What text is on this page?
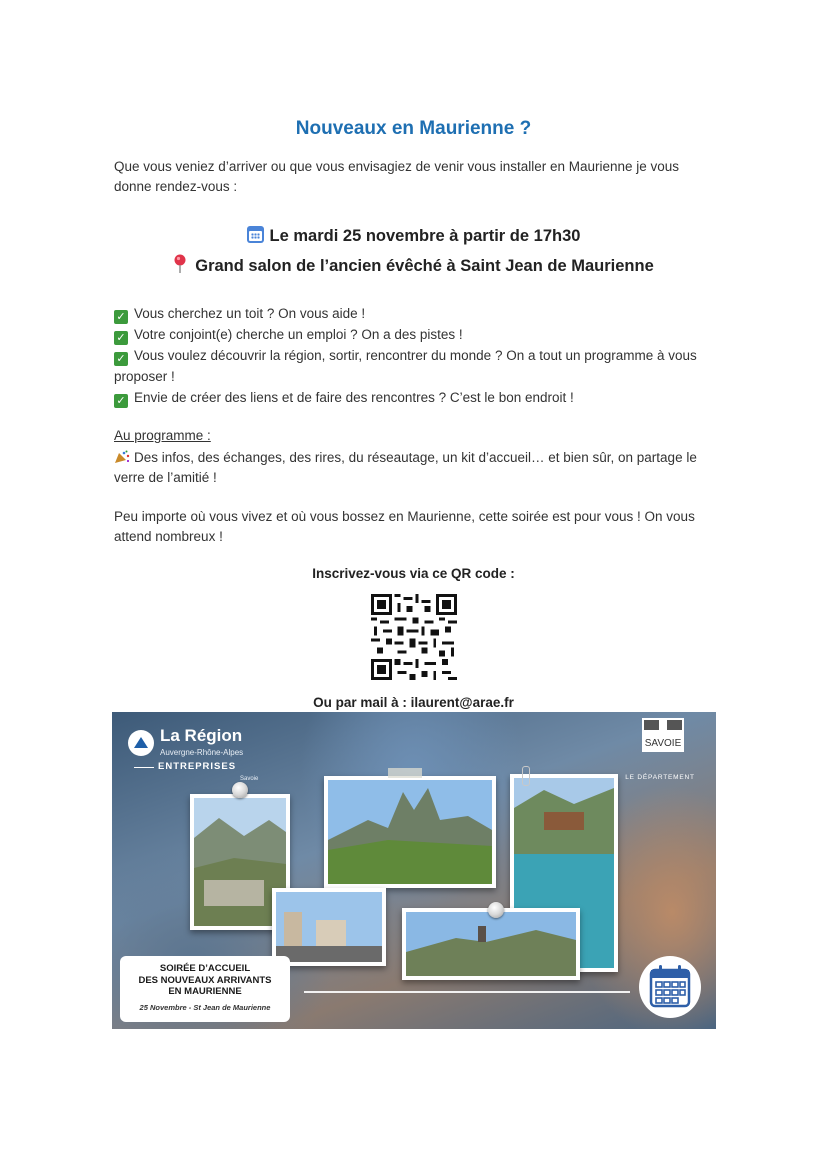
Nouveaux en Maurienne ?
Que vous veniez d’arriver ou que vous envisagiez de venir vous installer en Maurienne je vous donne rendez-vous :
Le mardi 25 novembre à partir de 17h30
Grand salon de l’ancien évêché à Saint Jean de Maurienne
✓ Vous cherchez un toit ? On vous aide !
✓ Votre conjoint(e) cherche un emploi ? On a des pistes !
✓ Vous voulez découvrir la région, sortir, rencontrer du monde ? On a tout un programme à vous proposer !
✓ Envie de créer des liens et de faire des rencontres ? C’est le bon endroit !
Au programme :
Des infos, des échanges, des rires, du réseautage, un kit d’accueil… et bien sûr, on partage le verre de l’amitié !
Peu importe où vous vivez et où vous bossez en Maurienne, cette soirée est pour vous ! On vous attend nombreux !
Inscrivez-vous via ce QR code :
Ou par mail à : ilaurent@arae.fr
La Région
Auvergne-Rhône-Alpes
ENTREPRISES
Savoie
SAVOIE
LE DÉPARTEMENT
SOIRÉE D’ACCUEIL
DES NOUVEAUX ARRIVANTS
EN MAURIENNE
25 Novembre - St Jean de Maurienne
